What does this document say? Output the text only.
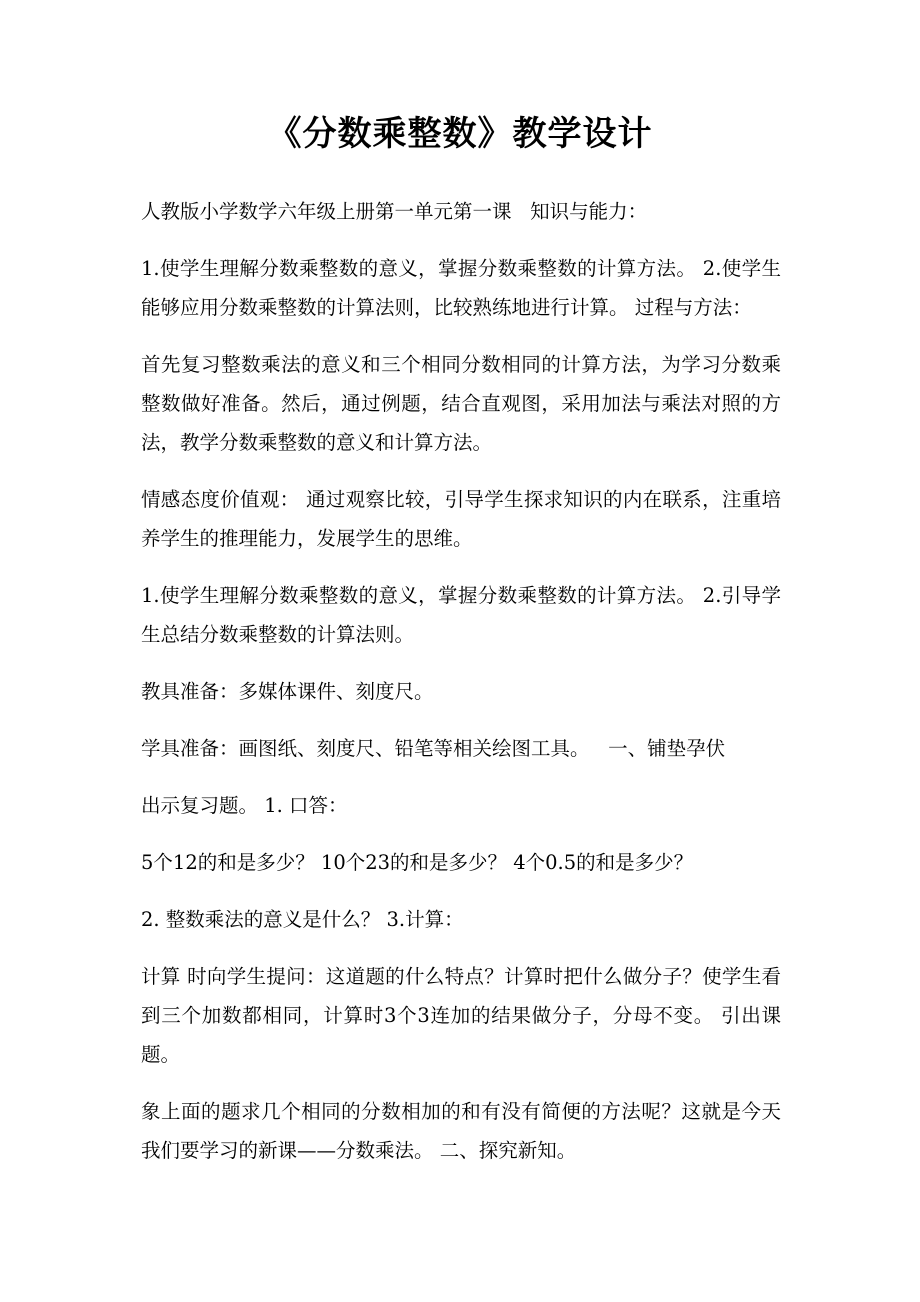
《分数乘整数》教学设计

人教版小学数学六年级上册第一单元第一课   知识与能力：

1.使学生理解分数乘整数的意义，掌握分数乘整数的计算方法。 2.使学生能够应用分数乘整数的计算法则，比较熟练地进行计算。 过程与方法：

首先复习整数乘法的意义和三个相同分数相同的计算方法，为学习分数乘整数做好准备。然后，通过例题，结合直观图，采用加法与乘法对照的方法，教学分数乘整数的意义和计算方法。

情感态度价值观： 通过观察比较，引导学生探求知识的内在联系，注重培养学生的推理能力，发展学生的思维。

1.使学生理解分数乘整数的意义，掌握分数乘整数的计算方法。 2.引导学生总结分数乘整数的计算法则。

教具准备：多媒体课件、刻度尺。

学具准备：画图纸、刻度尺、铅笔等相关绘图工具。   一、铺垫孕伏

出示复习题。 1. 口答：

5个12的和是多少？ 10个23的和是多少？ 4个0.5的和是多少？

2. 整数乘法的意义是什么？ 3.计算：

计算 时向学生提问：这道题的什么特点？计算时把什么做分子？使学生看到三个加数都相同，计算时3个3连加的结果做分子，分母不变。 引出课题。

象上面的题求几个相同的分数相加的和有没有简便的方法呢？这就是今天我们要学习的新课——分数乘法。 二、探究新知。
